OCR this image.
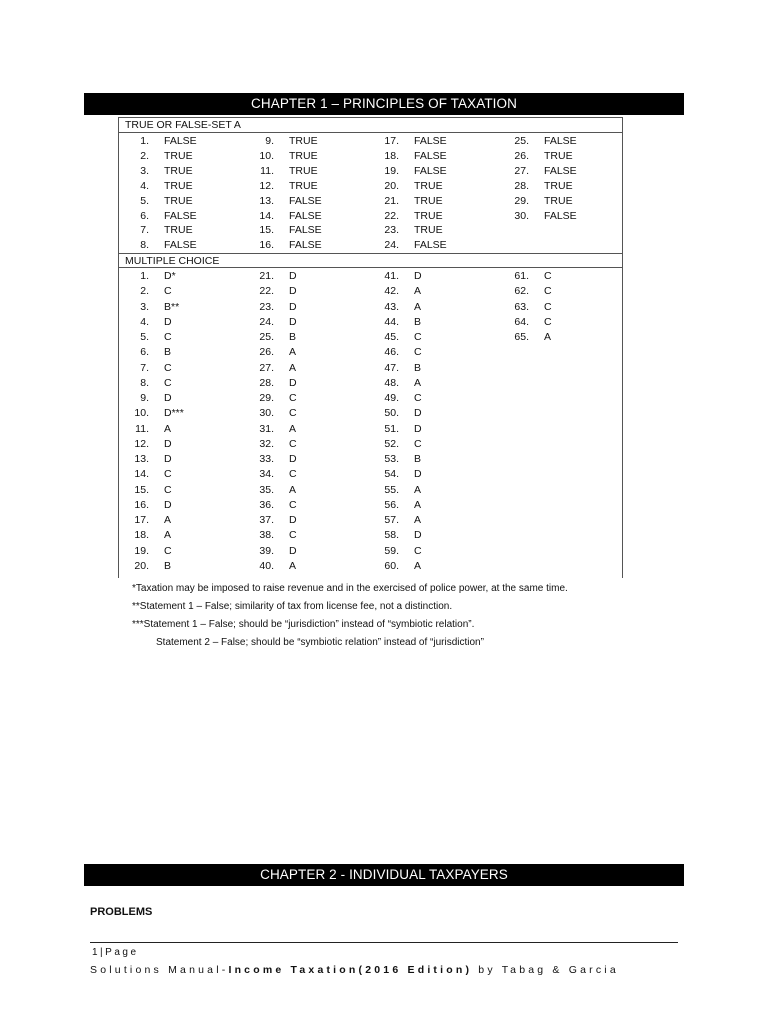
CHAPTER 1 – PRINCIPLES OF TAXATION
TRUE OR FALSE-SET A
1. FALSE
2. TRUE
3. TRUE
4. TRUE
5. TRUE
6. FALSE
7. TRUE
8. FALSE
9. TRUE
10. TRUE
11. TRUE
12. TRUE
13. FALSE
14. FALSE
15. FALSE
16. FALSE
17. FALSE
18. FALSE
19. FALSE
20. TRUE
21. TRUE
22. TRUE
23. TRUE
24. FALSE
25. FALSE
26. TRUE
27. FALSE
28. TRUE
29. TRUE
30. FALSE
MULTIPLE CHOICE
1. D*
2. C
3. B**
4. D
5. C
6. B
7. C
8. C
9. D
10. D***
11. A
12. D
13. D
14. C
15. C
16. D
17. A
18. A
19. C
20. B
21. D
22. D
23. D
24. D
25. B
26. A
27. A
28. D
29. C
30. C
31. A
32. C
33. D
34. C
35. A
36. C
37. D
38. C
39. D
40. A
41. D
42. A
43. A
44. B
45. C
46. C
47. B
48. A
49. C
50. D
51. D
52. C
53. B
54. D
55. A
56. A
57. A
58. D
59. C
60. A
61. C
62. C
63. C
64. C
65. A
*Taxation may be imposed to raise revenue and in the exercised of police power, at the same time.
**Statement 1 – False; similarity of tax from license fee, not a distinction.
***Statement 1 – False; should be “jurisdiction” instead of “symbiotic relation”.
Statement 2 – False; should be “symbiotic relation” instead of “jurisdiction”
CHAPTER 2 - INDIVIDUAL TAXPAYERS
PROBLEMS
1|Page
Solutions Manual-Income Taxation(2016 Edition) by Tabag & Garcia
